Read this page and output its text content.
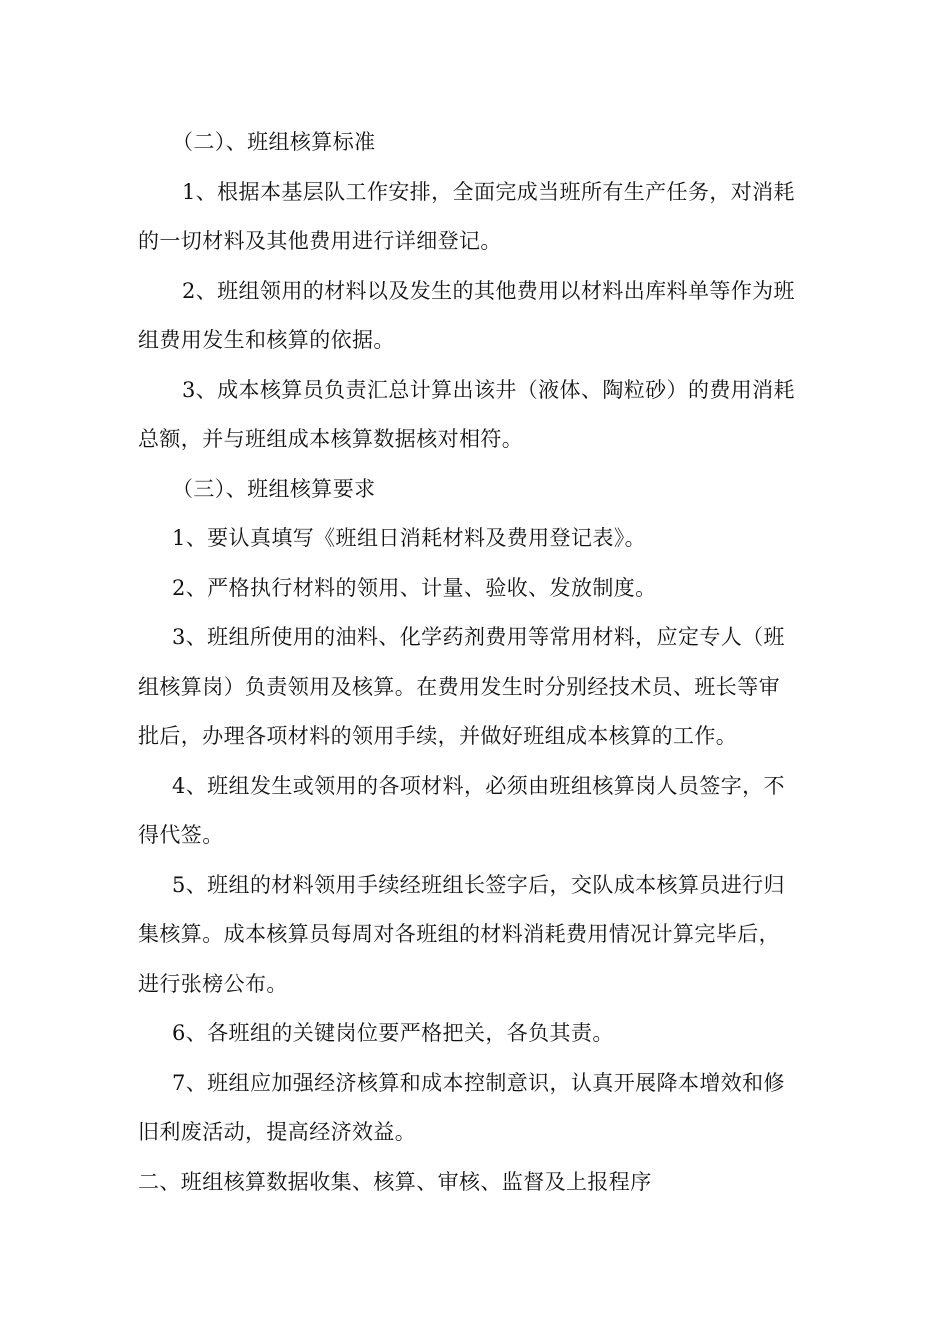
（二）、班组核算标准
1、根据本基层队工作安排，全面完成当班所有生产任务，对消耗
的一切材料及其他费用进行详细登记。
2、班组领用的材料以及发生的其他费用以材料出库料单等作为班
组费用发生和核算的依据。
3、成本核算员负责汇总计算出该井（液体、陶粒砂）的费用消耗
总额，并与班组成本核算数据核对相符。
（三）、班组核算要求
1、要认真填写《班组日消耗材料及费用登记表》。
2、严格执行材料的领用、计量、验收、发放制度。
3、班组所使用的油料、化学药剂费用等常用材料，应定专人（班
组核算岗）负责领用及核算。在费用发生时分别经技术员、班长等审
批后，办理各项材料的领用手续，并做好班组成本核算的工作。
4、班组发生或领用的各项材料，必须由班组核算岗人员签字，不
得代签。
5、班组的材料领用手续经班组长签字后，交队成本核算员进行归
集核算。成本核算员每周对各班组的材料消耗费用情况计算完毕后，
进行张榜公布。
6、各班组的关键岗位要严格把关，各负其责。
7、班组应加强经济核算和成本控制意识，认真开展降本增效和修
旧利废活动，提高经济效益。
二、班组核算数据收集、核算、审核、监督及上报程序
